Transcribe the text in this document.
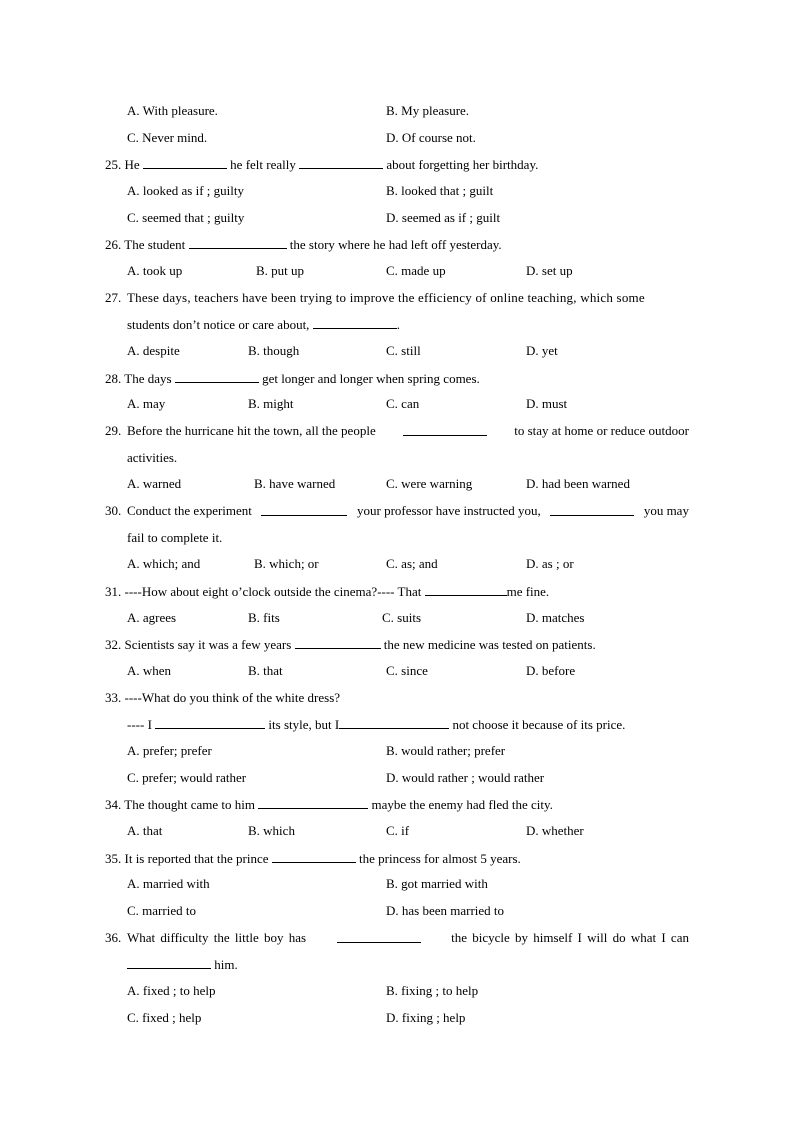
A. With pleasure.	B. My pleasure.
C. Never mind.	D. Of course not.
25. He	he felt really	about forgetting her birthday.
A. looked as if ; guilty	B. looked that ; guilt
C. seemed that ; guilty	D. seemed as if ; guilt
26. The student	the story where he had left off yesterday.
A. took up	B. put up	C. made up	D. set up
27. These days, teachers have been trying to improve the efficiency of online teaching, which some
students don’t notice or care about,	.
A. despite	B. though	C. still	D. yet
28. The days	get longer and longer when spring comes.
A. may	B. might	C. can	D. must
29. Before the hurricane hit the town, all the people	to stay at home or reduce outdoor
activities.
A. warned	B. have warned	C. were warning	D. had been warned
30. Conduct the experiment	your professor have instructed you,	you may
fail to complete it.
A. which; and	B. which; or	C. as; and	D. as ; or
31. ----How about eight o’clock outside the cinema?---- That	me fine.
A. agrees	B. fits	C. suits	D. matches
32. Scientists say it was a few years	the new medicine was tested on patients.
A. when	B. that	C. since	D. before
33. ----What do you think of the white dress?
---- I	its style, but I	not choose it because of its price.
A. prefer; prefer	B. would rather; prefer
C. prefer; would rather	D. would rather ; would rather
34. The thought came to him	maybe the enemy had fled the city.
A. that	B. which	C. if	D. whether
35. It is reported that the prince	the princess for almost 5 years.
A. married with	B. got married with
C. married to	D. has been married to
36. What difficulty the little boy has	the bicycle by himself I will do what I can
him.
A. fixed ; to help	B. fixing ; to help
C. fixed ; help	D. fixing ; help
